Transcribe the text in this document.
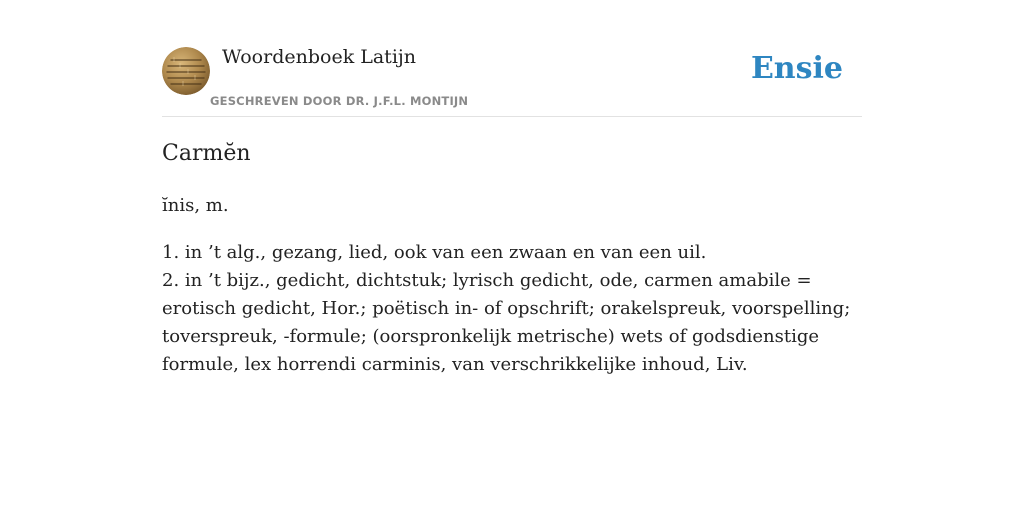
Woordenboek Latijn
GESCHREVEN DOOR DR. J.F.L. MONTIJN
Ensie
Carmĕn
ĭnis, m.

1. in ’t alg., gezang, lied, ook van een zwaan en van een uil.

2. in ’t bijz., gedicht, dichtstuk; lyrisch gedicht, ode, carmen amabile = erotisch gedicht, Hor.; poëtisch in- of opschrift; orakelspreuk, voorspelling; toverspreuk, -formule; (oorspronkelijk metrische) wets of godsdienstige formule, lex horrendi carminis, van verschrikkelijke inhoud, Liv.
